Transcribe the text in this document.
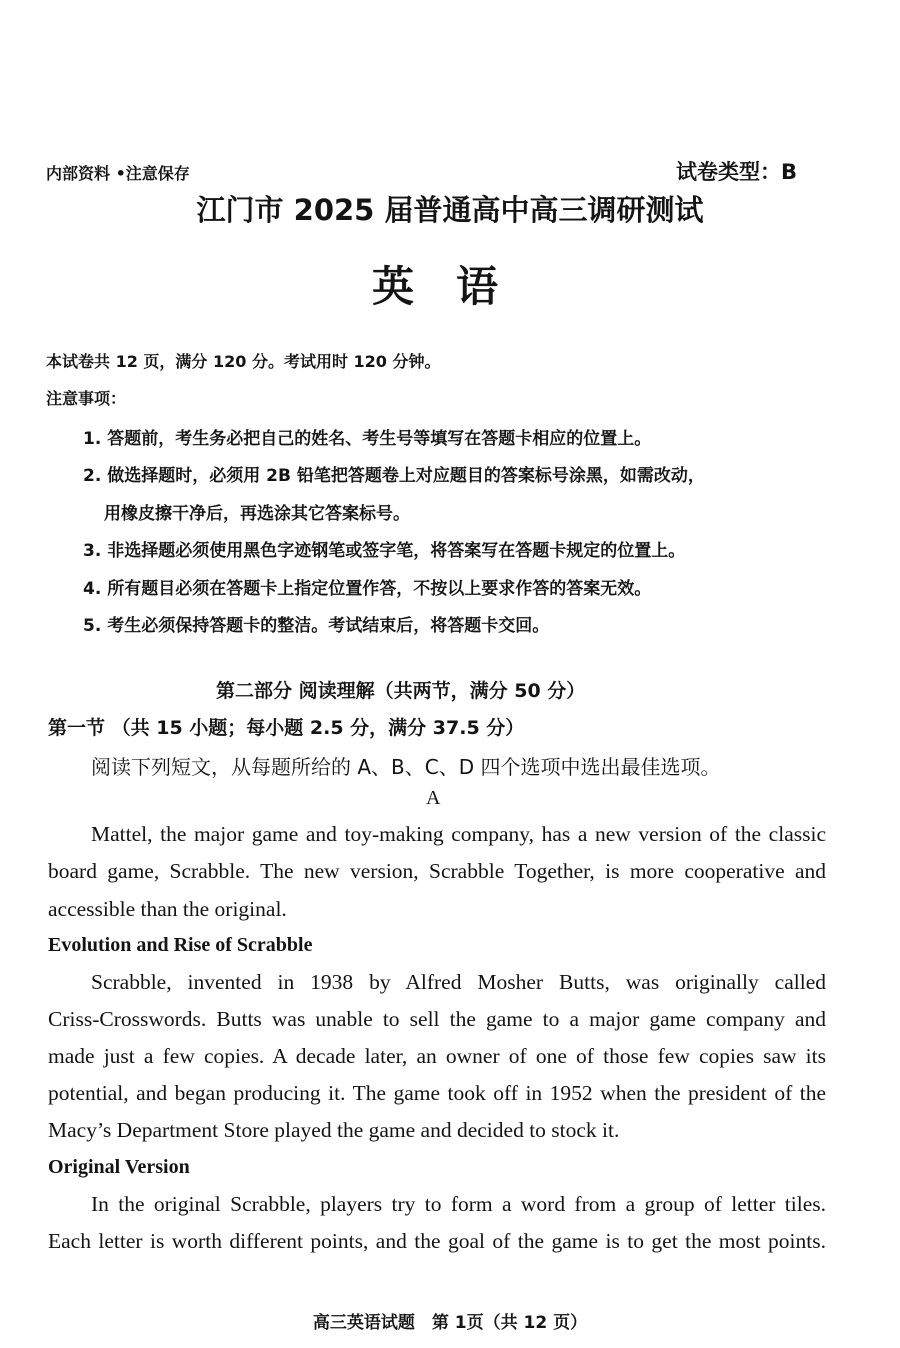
内部资料 •注意保存	试卷类型：B
江门市 2025 届普通高中高三调研测试
英　语
本试卷共 12 页，满分 120 分。考试用时 120 分钟。
注意事项：
1. 答题前，考生务必把自己的姓名、考生号等填写在答题卡相应的位置上。
2. 做选择题时，必须用 2B 铅笔把答题卷上对应题目的答案标号涂黑，如需改动，
用橡皮擦干净后，再选涂其它答案标号。
3. 非选择题必须使用黑色字迹钢笔或签字笔，将答案写在答题卡规定的位置上。
4. 所有题目必须在答题卡上指定位置作答，不按以上要求作答的答案无效。
5. 考生必须保持答题卡的整洁。考试结束后，将答题卡交回。
第二部分 阅读理解（共两节，满分 50 分）
第一节 （共 15 小题；每小题 2.5 分，满分 37.5 分）
阅读下列短文，从每题所给的 A、B、C、D 四个选项中选出最佳选项。
A
Mattel, the major game and toy-making company, has a new version of the classic
board game, Scrabble. The new version, Scrabble Together, is more cooperative and
accessible than the original.
Evolution and Rise of Scrabble
Scrabble, invented in 1938 by Alfred Mosher Butts, was originally called
Criss-Crosswords. Butts was unable to sell the game to a major game company and
made just a few copies. A decade later, an owner of one of those few copies saw its
potential, and began producing it. The game took off in 1952 when the president of the
Macy’s Department Store played the game and decided to stock it.
Original Version
In the original Scrabble, players try to form a word from a group of letter tiles.
Each letter is worth different points, and the goal of the game is to get the most points.
高三英语试题　第 1页（共 12 页）
